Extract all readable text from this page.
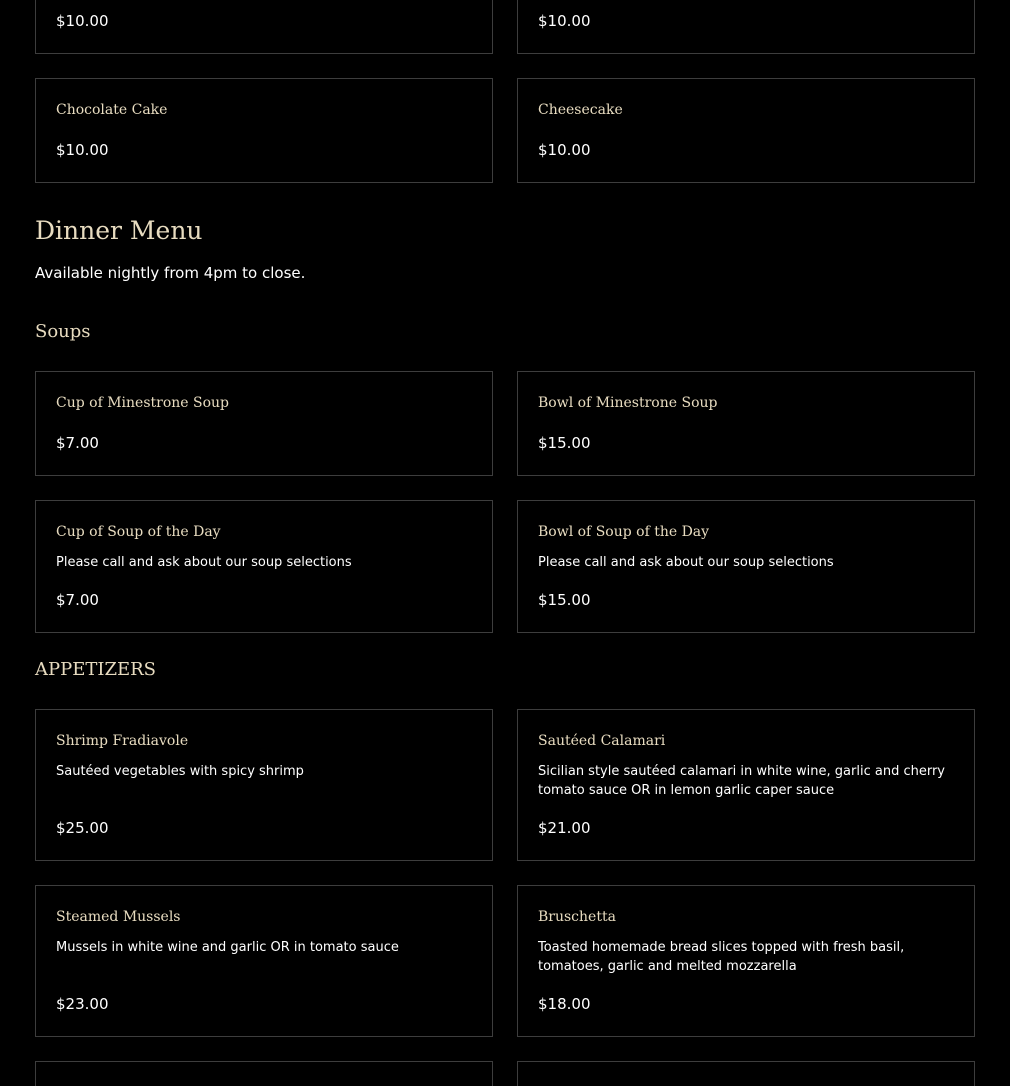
$10.00	$10.00
Chocolate Cake
$10.00
Cheesecake
$10.00
Dinner Menu
Available nightly from 4pm to close.
Soups
Cup of Minestrone Soup
$7.00
Bowl of Minestrone Soup
$15.00
Cup of Soup of the Day
Please call and ask about our soup selections
$7.00
Bowl of Soup of the Day
Please call and ask about our soup selections
$15.00
APPETIZERS
Shrimp Fradiavole
Sautéed vegetables with spicy shrimp
$25.00
Sautéed Calamari
Sicilian style sautéed calamari in white wine, garlic and cherry tomato sauce OR in lemon garlic caper sauce
$21.00
Steamed Mussels
Mussels in white wine and garlic OR in tomato sauce
$23.00
Bruschetta
Toasted homemade bread slices topped with fresh basil, tomatoes, garlic and melted mozzarella
$18.00
